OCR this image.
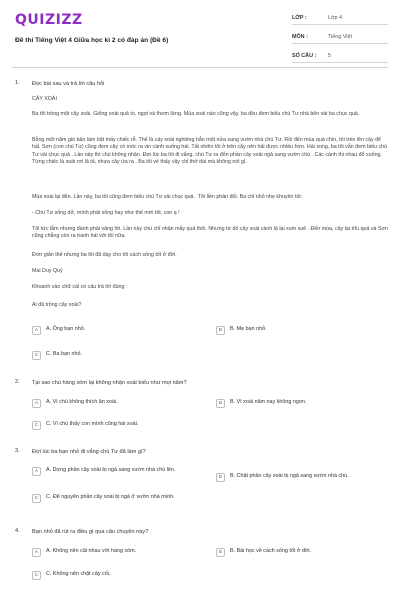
QUIZIZZ
Đề thi Tiếng Việt 4 Giữa học kì 2 có đáp án (Đề 6)
LỚP :	Lớp 4
MÔN :	Tiếng Việt
SỐ CÂU :	5
1. Đọc bài sau và trả lời câu hỏi
CÂY XOÀI
Ba tôi trồng một cây xoài. Giống xoài quả to, ngọt và thơm lừng. Mùa xoài nào cũng vậy, ba đều đem biếu chú Tư nhà bên vài ba chục quả.
Bỗng một năm gió bão làm bật mấy chiếc rễ. Thế là cây xoài nghiêng hẳn một nửa sang vườn nhà chú Tư. Rồi đến mùa quả chín, tôi trèo lên cây để hái. Sơn (con chú Tư) cũng đem cây cò móc ra vin cành xuống hái. Tất nhiên tôi ở trên cây nên hái được nhiều hơn. Hái xong, ba tôi vẫn đem biếu chú Tư vài chục quả . Lần này thì chú không nhận. Đợi lúc ba tôi đi vắng, chú Tư ra đốn phần cây xoài ngả sang vườn chú . Các cành thi nhau đổ xuống. Từng chiếc lá xoài rơi lả tả, nhựa cây ứa ra . Ba tôi về thấy vậy chỉ thở dài mà không nói gì.
Mùa xoài lại đến. Lần này, ba tôi cũng đem biếu chú Tư vài chục quả . Tôi liền phản đối. Ba chỉ nhỏ nhẹ khuyên tôi:
- Chú Tư sống dở, mình phải sống hay như thế mới tốt, con ạ !
Tôi tức lắm nhưng đành phải vâng lời. Lần này chú chỉ nhận mấy quả thôi. Nhưng từ đó cây xoài cành lá lại xum xuê . Đến mùa, cây lại trĩu quả và Sơn cũng chẳng còn ra tranh hái với tôi nữa.
Đơn giản thế nhưng ba tôi đã dạy cho tôi cách sống tốt ở đời.
Mai Duy Quý
Khoanh vào chữ cái có câu trả lời đúng :
Ai đã trồng cây xoài?
A	A. Ông bạn nhỏ.	B	B. Mẹ bạn nhỏ.
C	C. Ba bạn nhỏ.
2. Tại sao chú hàng xóm lại không nhận xoài biếu như mọi năm?
A	A. Vì chú không thích ăn xoài.	B	B. Vì xoài năm nay không ngon.
C	C. Vì chú thấy con mình cũng hái xoài.
3. Đợi lúc ba bạn nhỏ đi vắng chú Tư đã làm gì?
A	A. Dựng phần cây xoài bị ngả sang vườn nhà chú lên.
B	B. Chặt phần cây xoài bị ngả sang vườn nhà chú.
C	C. Để nguyên phần cây xoài bị ngả ở vườn nhà mình.
4. Bạn nhỏ đã rút ra điều gì qua câu chuyện này?
A	A. Không nên cãi nhau với hàng xóm.	B	B. Bài học về cách sống tốt ở đời.
C	C. Không nên chặt cây cối.
